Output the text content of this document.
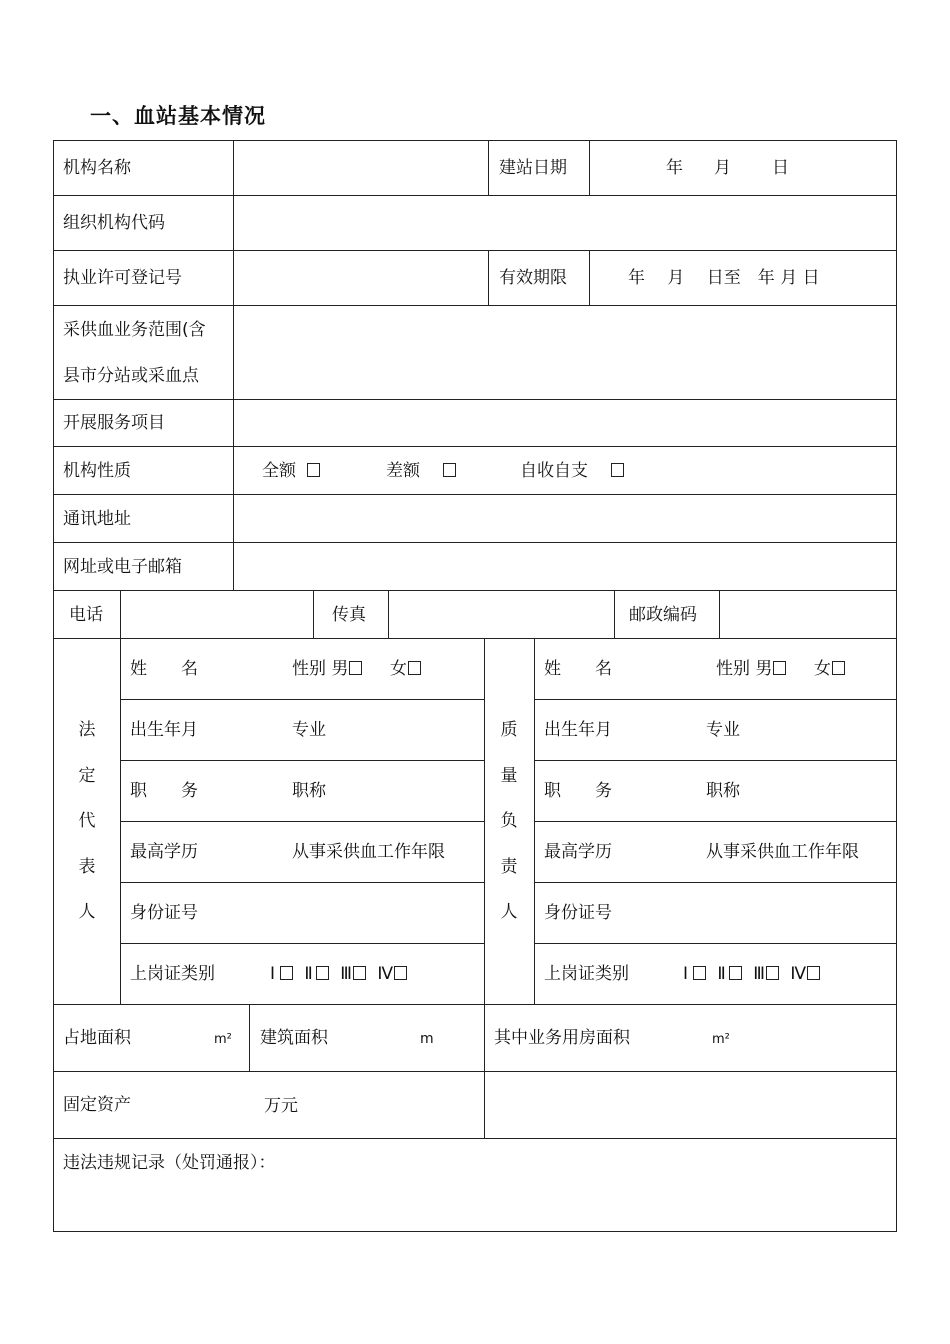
一、血站基本情况
机构名称	建站日期	年 月 日
组织机构代码
执业许可登记号	有效期限	年　 月　 日至　年 月 日
采供血业务范围(含
县市分站或采血点
开展服务项目
机构性质	全额	差额	自收自支
通讯地址
网址或电子邮箱
电话	传真	邮政编码
法
定
代
表
人
姓　　名	性别 男 女
出生年月	专业
职　　务	职称
最高学历	从事采供血工作年限
身份证号
上岗证类别	Ⅰ Ⅱ Ⅲ Ⅳ
质
量
负
责
人
姓　　名	性别 男 女
出生年月	专业
职　　务	职称
最高学历	从事采供血工作年限
身份证号
上岗证类别	Ⅰ Ⅱ Ⅲ Ⅳ
占地面积	m² 建筑面积	m	其中业务用房面积	m²
固定资产	万元
违法违规记录（处罚通报）：
